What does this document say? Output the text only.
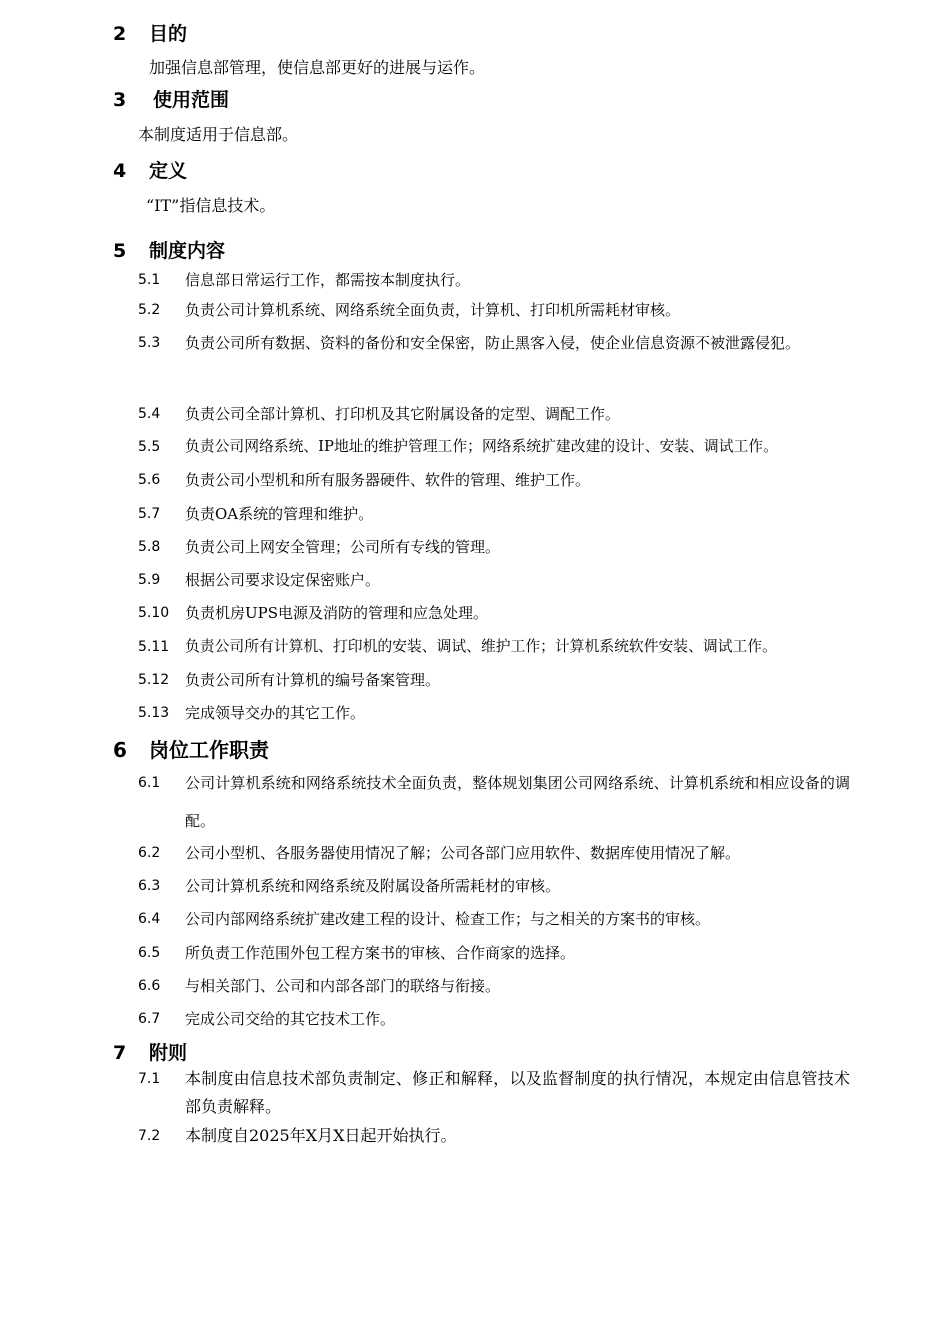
2 目的
加强信息部管理，使信息部更好的进展与运作。
3 使用范围
本制度适用于信息部。
4 定义
“IT”指信息技术。
5 制度内容
5.1 信息部日常运行工作，都需按本制度执行。
5.2 负责公司计算机系统、网络系统全面负责，计算机、打印机所需耗材审核。
5.3 负责公司所有数据、资料的备份和安全保密，防止黑客入侵，使企业信息资源不被泄露侵犯。
5.4 负责公司全部计算机、打印机及其它附属设备的定型、调配工作。
5.5 负责公司网络系统、IP地址的维护管理工作；网络系统扩建改建的设计、安装、调试工作。
5.6 负责公司小型机和所有服务器硬件、软件的管理、维护工作。
5.7 负责OA系统的管理和维护。
5.8 负责公司上网安全管理；公司所有专线的管理。
5.9 根据公司要求设定保密账户。
5.10 负责机房UPS电源及消防的管理和应急处理。
5.11 负责公司所有计算机、打印机的安装、调试、维护工作；计算机系统软件安装、调试工作。
5.12 负责公司所有计算机的编号备案管理。
5.13 完成领导交办的其它工作。
6 岗位工作职责
6.1 公司计算机系统和网络系统技术全面负责，整体规划集团公司网络系统、计算机系统和相应设备的调配。
6.2 公司小型机、各服务器使用情况了解；公司各部门应用软件、数据库使用情况了解。
6.3 公司计算机系统和网络系统及附属设备所需耗材的审核。
6.4 公司内部网络系统扩建改建工程的设计、检查工作；与之相关的方案书的审核。
6.5 所负责工作范围外包工程方案书的审核、合作商家的选择。
6.6 与相关部门、公司和内部各部门的联络与衔接。
6.7 完成公司交给的其它技术工作。
7 附则
7.1 本制度由信息技术部负责制定、修正和解释，以及监督制度的执行情况，本规定由信息管技术部负责解释。
7.2 本制度自2025年X月X日起开始执行。
